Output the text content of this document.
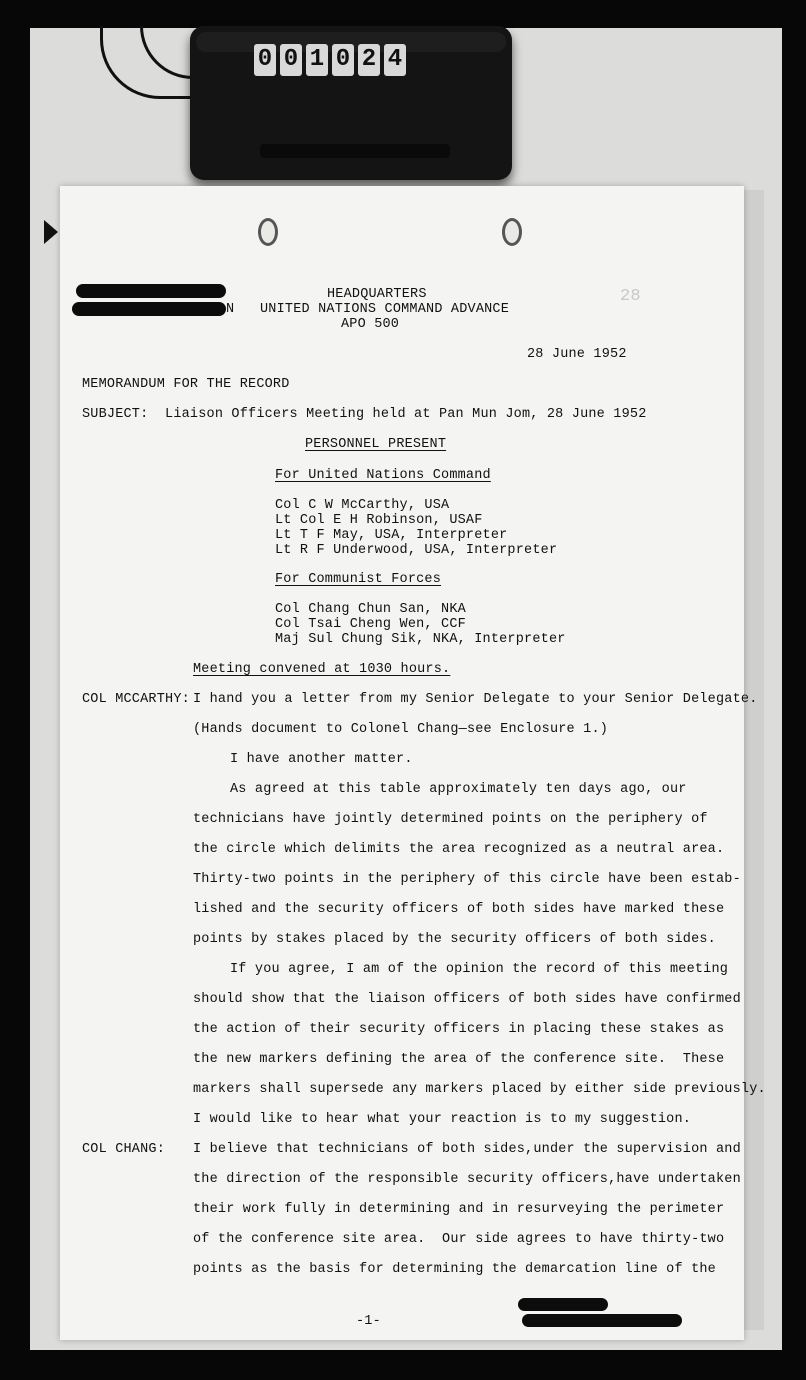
0 0 1 0 2 4
N
28
HEADQUARTERS
UNITED NATIONS COMMAND ADVANCE
APO 500
28 June 1952
MEMORANDUM FOR THE RECORD
SUBJECT:  Liaison Officers Meeting held at Pan Mun Jom, 28 June 1952
PERSONNEL PRESENT
For United Nations Command
Col C W McCarthy, USA
Lt Col E H Robinson, USAF
Lt T F May, USA, Interpreter
Lt R F Underwood, USA, Interpreter
For Communist Forces
Col Chang Chun San, NKA
Col Tsai Cheng Wen, CCF
Maj Sul Chung Sik, NKA, Interpreter
Meeting convened at 1030 hours.
COL MCCARTHY: I hand you a letter from my Senior Delegate to your Senior Delegate.
(Hands document to Colonel Chang—see Enclosure 1.)
I have another matter.
As agreed at this table approximately ten days ago, our
technicians have jointly determined points on the periphery of
the circle which delimits the area recognized as a neutral area.
Thirty-two points in the periphery of this circle have been estab-
lished and the security officers of both sides have marked these
points by stakes placed by the security officers of both sides.
If you agree, I am of the opinion the record of this meeting
should show that the liaison officers of both sides have confirmed
the action of their security officers in placing these stakes as
the new markers defining the area of the conference site.  These
markers shall supersede any markers placed by either side previously.
I would like to hear what your reaction is to my suggestion.
COL CHANG: I believe that technicians of both sides,under the supervision and
the direction of the responsible security officers,have undertaken
their work fully in determining and in resurveying the perimeter
of the conference site area.  Our side agrees to have thirty-two
points as the basis for determining the demarcation line of the
-1-
